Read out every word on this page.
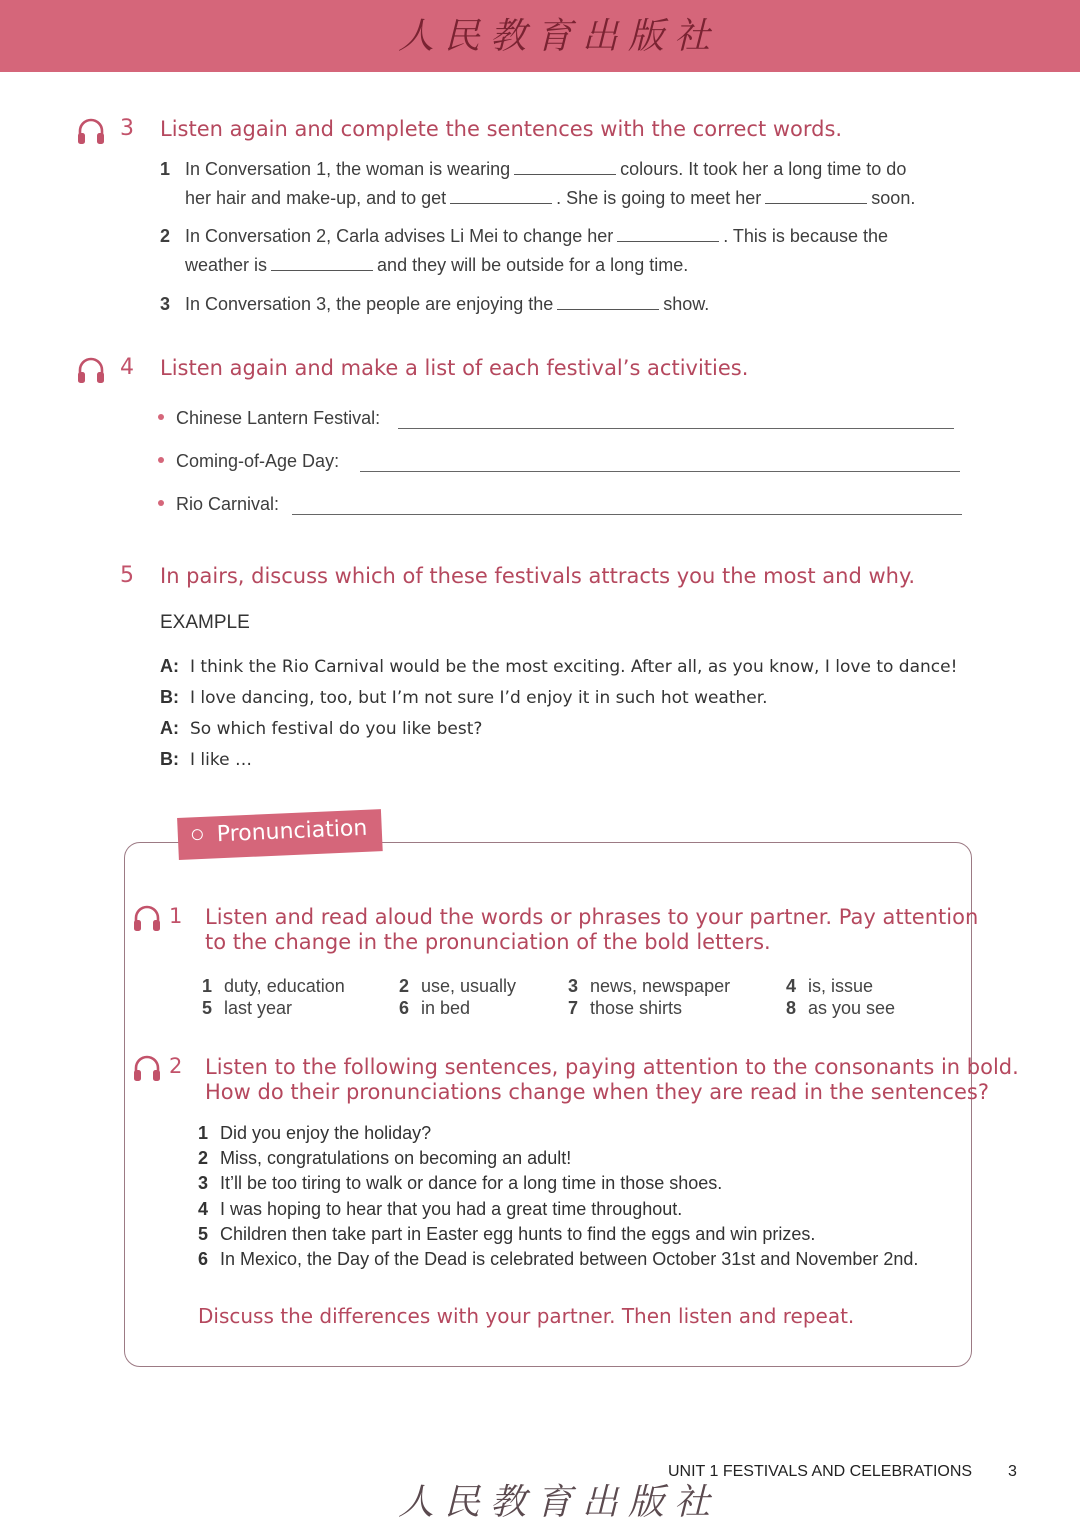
人民教育出版社
3 Listen again and complete the sentences with the correct words.
1 In Conversation 1, the woman is wearing	colours. It took her a long time to do
her hair and make-up, and to get	. She is going to meet her	soon.
2 In Conversation 2, Carla advises Li Mei to change her	. This is because the
weather is	and they will be outside for a long time.
3 In Conversation 3, the people are enjoying the	show.
4 Listen again and make a list of each festival’s activities.
Chinese Lantern Festival:
Coming-of-Age Day:
Rio Carnival:
5 In pairs, discuss which of these festivals attracts you the most and why.
EXAMPLE
A: I think the Rio Carnival would be the most exciting. After all, as you know, I love to dance!
B: I love dancing, too, but I’m not sure I’d enjoy it in such hot weather.
A: So which festival do you like best?
B: I like …
Pronunciation
1 Listen and read aloud the words or phrases to your partner. Pay attention
to the change in the pronunciation of the bold letters.
1 duty, education	2 use, usually	3 news, newspaper	4 is, issue
5 last year	6 in bed	7 those shirts	8 as you see
2 Listen to the following sentences, paying attention to the consonants in bold.
How do their pronunciations change when they are read in the sentences?
1 Did you enjoy the holiday?
2 Miss, congratulations on becoming an adult!
3 It’ll be too tiring to walk or dance for a long time in those shoes.
4 I was hoping to hear that you had a great time throughout.
5 Children then take part in Easter egg hunts to find the eggs and win prizes.
6 In Mexico, the Day of the Dead is celebrated between October 31st and November 2nd.
Discuss the differences with your partner. Then listen and repeat.
UNIT 1 FESTIVALS AND CELEBRATIONS 3
人民教育出版社
